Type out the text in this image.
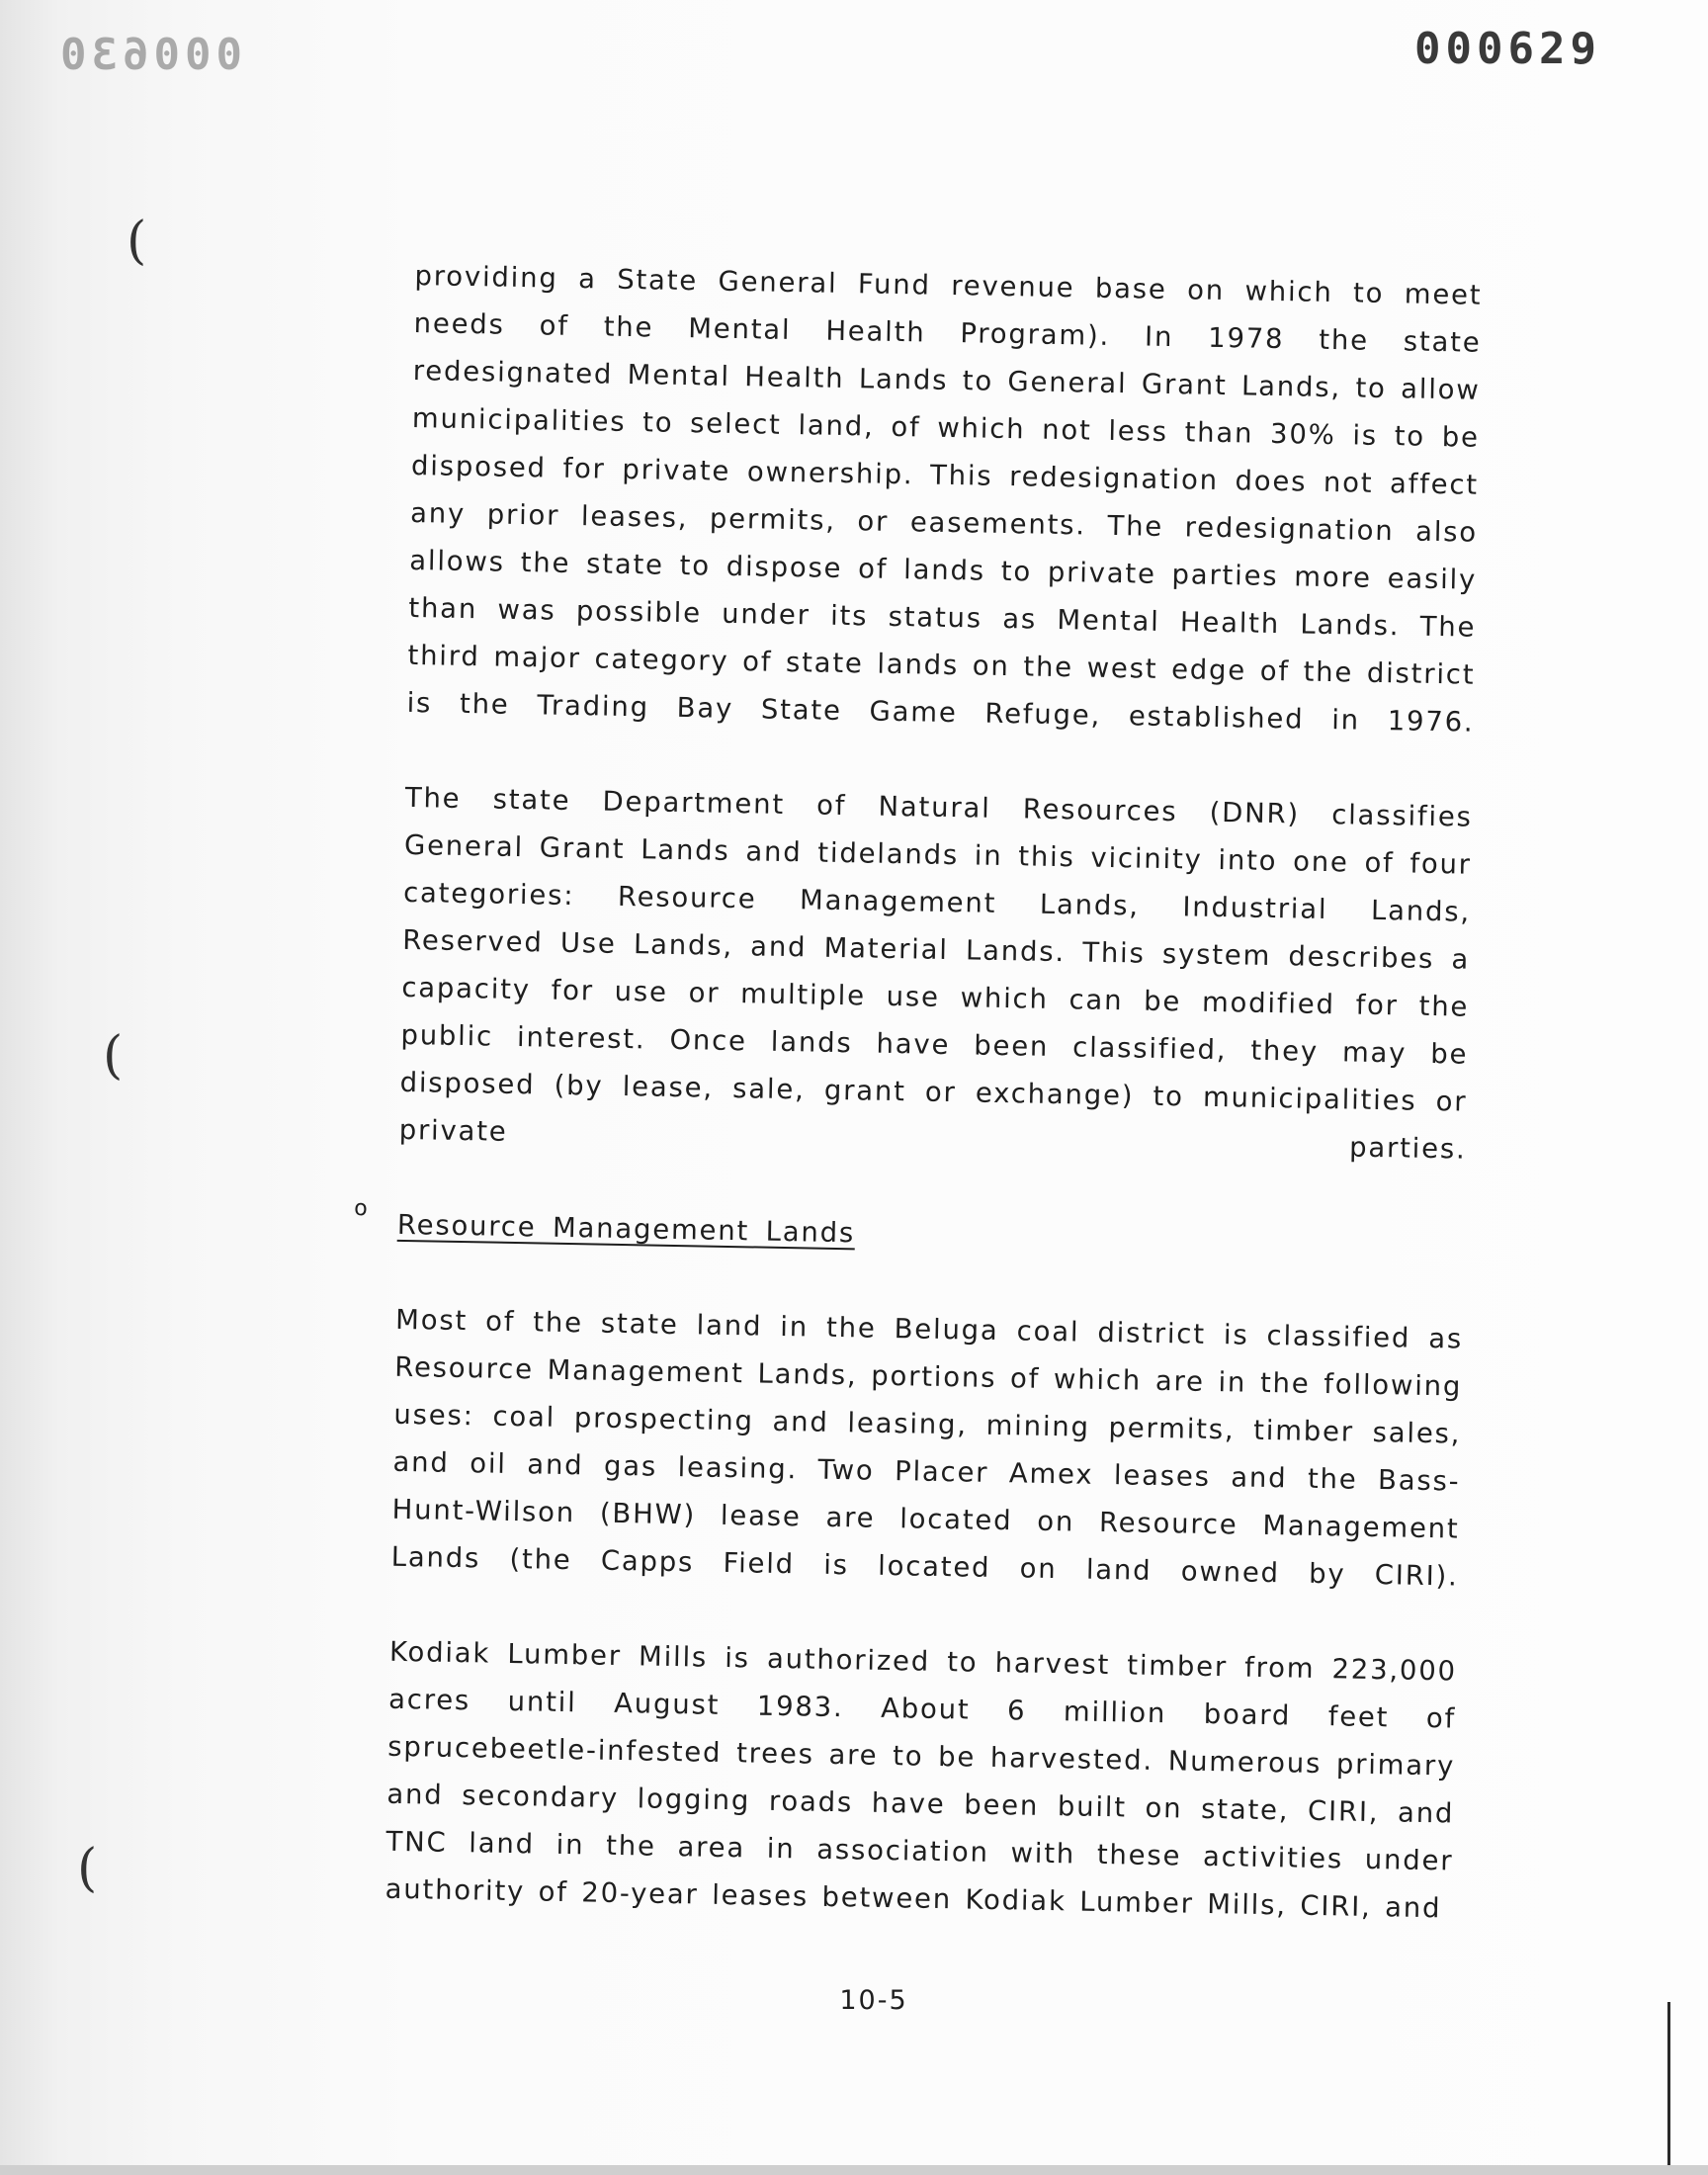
000630	000629
(
(
(

providing a State General Fund revenue base on which to meet needs of the Mental Health Program). In 1978 the state redesignated Mental Health Lands to General Grant Lands, to allow municipalities to select land, of which not less than 30% is to be disposed for private ownership. This redesignation does not affect any prior leases, permits, or easements. The redesignation also allows the state to dispose of lands to private parties more easily than was possible under its status as Mental Health Lands. The third major category of state lands on the west edge of the district is the Trading Bay State Game Refuge, established in 1976.

The state Department of Natural Resources (DNR) classifies General Grant Lands and tidelands in this vicinity into one of four categories: Resource Management Lands, Industrial Lands, Reserved Use Lands, and Material Lands. This system describes a capacity for use or multiple use which can be modified for the public interest. Once lands have been classified, they may be disposed (by lease, sale, grant or exchange) to municipalities or private parties.

o
Resource Management Lands

Most of the state land in the Beluga coal district is classified as Resource Management Lands, portions of which are in the following uses: coal prospecting and leasing, mining permits, timber sales, and oil and gas leasing. Two Placer Amex leases and the Bass-Hunt-Wilson (BHW) lease are located on Resource Management Lands (the Capps Field is located on land owned by CIRI).

Kodiak Lumber Mills is authorized to harvest timber from 223,000 acres until August 1983. About 6 million board feet of sprucebeetle-infested trees are to be harvested. Numerous primary and secondary logging roads have been built on state, CIRI, and TNC land in the area in association with these activities under authority of 20-year leases between Kodiak Lumber Mills, CIRI, and

10-5
